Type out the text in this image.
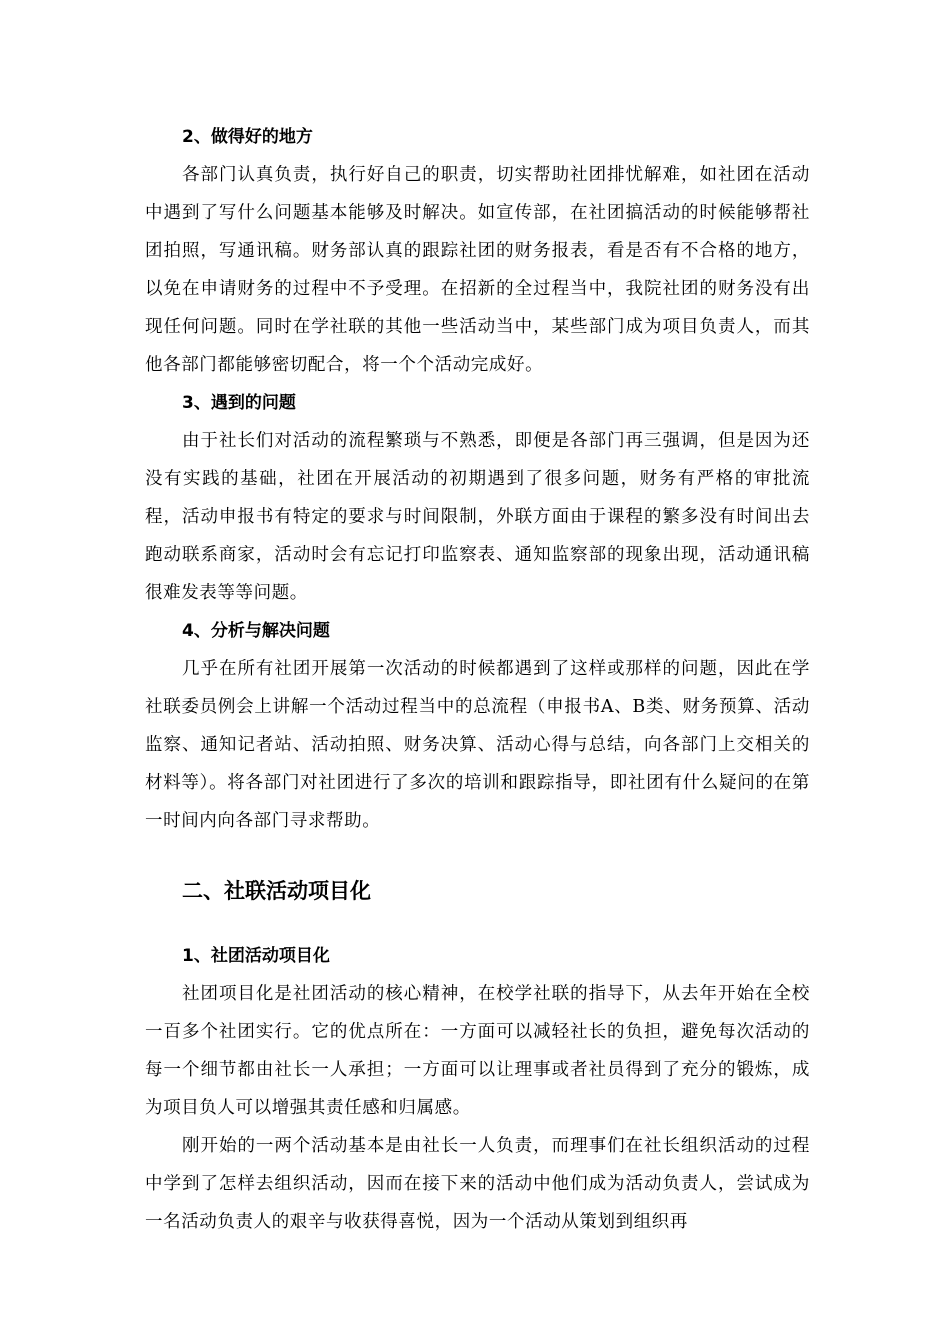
2、做得好的地方

各部门认真负责，执行好自己的职责，切实帮助社团排忧解难，如社团在活动中遇到了写什么问题基本能够及时解决。如宣传部，在社团搞活动的时候能够帮社团拍照，写通讯稿。财务部认真的跟踪社团的财务报表，看是否有不合格的地方，以免在申请财务的过程中不予受理。在招新的全过程当中，我院社团的财务没有出现任何问题。同时在学社联的其他一些活动当中，某些部门成为项目负责人，而其他各部门都能够密切配合，将一个个活动完成好。

3、遇到的问题

由于社长们对活动的流程繁琐与不熟悉，即便是各部门再三强调，但是因为还没有实践的基础，社团在开展活动的初期遇到了很多问题，财务有严格的审批流程，活动申报书有特定的要求与时间限制，外联方面由于课程的繁多没有时间出去跑动联系商家，活动时会有忘记打印监察表、通知监察部的现象出现，活动通讯稿很难发表等等问题。

4、分析与解决问题

几乎在所有社团开展第一次活动的时候都遇到了这样或那样的问题，因此在学社联委员例会上讲解一个活动过程当中的总流程（申报书A、B类、财务预算、活动监察、通知记者站、活动拍照、财务决算、活动心得与总结，向各部门上交相关的材料等）。将各部门对社团进行了多次的培训和跟踪指导，即社团有什么疑问的在第一时间内向各部门寻求帮助。

二、社联活动项目化
1、社团活动项目化

社团项目化是社团活动的核心精神，在校学社联的指导下，从去年开始在全校一百多个社团实行。它的优点所在：一方面可以减轻社长的负担，避免每次活动的每一个细节都由社长一人承担；一方面可以让理事或者社员得到了充分的锻炼，成为项目负人可以增强其责任感和归属感。

刚开始的一两个活动基本是由社长一人负责，而理事们在社长组织活动的过程中学到了怎样去组织活动，因而在接下来的活动中他们成为活动负责人，尝试成为一名活动负责人的艰辛与收获得喜悦，因为一个活动从策划到组织再
